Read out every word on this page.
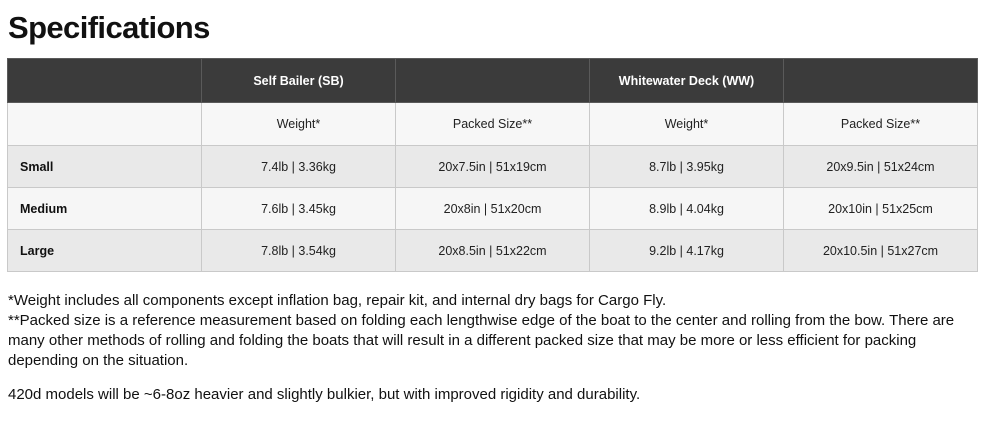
Specifications
	Self Bailer (SB)		Whitewater Deck (WW)	
	Weight*	Packed Size**	Weight*	Packed Size**
Small	7.4lb | 3.36kg	20x7.5in | 51x19cm	8.7lb | 3.95kg	20x9.5in | 51x24cm
Medium	7.6lb | 3.45kg	20x8in | 51x20cm	8.9lb | 4.04kg	20x10in | 51x25cm
Large	7.8lb | 3.54kg	20x8.5in | 51x22cm	9.2lb | 4.17kg	20x10.5in | 51x27cm

*Weight includes all components except inflation bag, repair kit, and internal dry bags for Cargo Fly.

**Packed size is a reference measurement based on folding each lengthwise edge of the boat to the center and rolling from the bow. There are many other methods of rolling and folding the boats that will result in a different packed size that may be more or less efficient for packing depending on the situation.

420d models will be ~6-8oz heavier and slightly bulkier, but with improved rigidity and durability.
